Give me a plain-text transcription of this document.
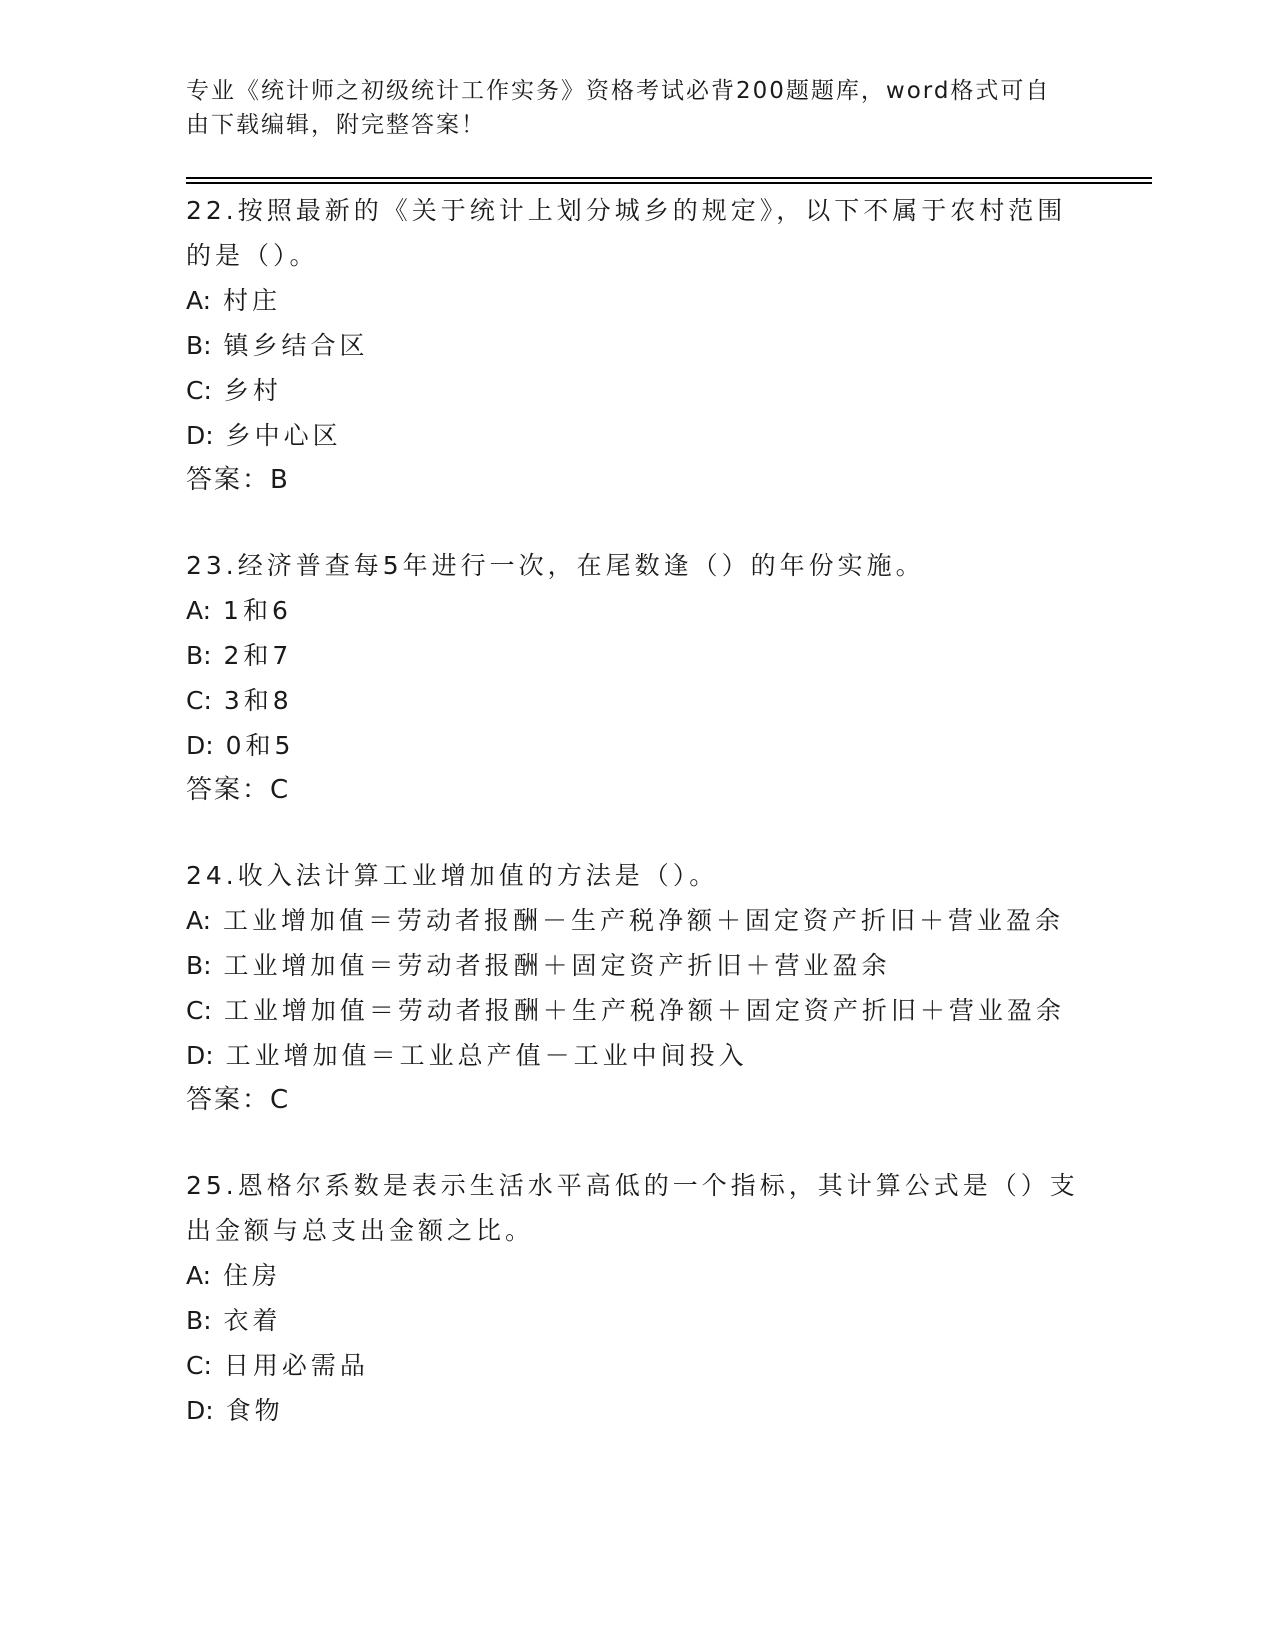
专业《统计师之初级统计工作实务》资格考试必背200题题库，word格式可自由下载编辑，附完整答案！
22.按照最新的《关于统计上划分城乡的规定》，以下不属于农村范围的是（）。
A: 村庄
B: 镇乡结合区
C: 乡村
D: 乡中心区
答案：B
23.经济普查每5年进行一次，在尾数逢（）的年份实施。
A: 1和6
B: 2和7
C: 3和8
D: 0和5
答案：C
24.收入法计算工业增加值的方法是（）。
A: 工业增加值＝劳动者报酬－生产税净额＋固定资产折旧＋营业盈余
B: 工业增加值＝劳动者报酬＋固定资产折旧＋营业盈余
C: 工业增加值＝劳动者报酬＋生产税净额＋固定资产折旧＋营业盈余
D: 工业增加值＝工业总产值－工业中间投入
答案：C
25.恩格尔系数是表示生活水平高低的一个指标，其计算公式是（）支出金额与总支出金额之比。
A: 住房
B: 衣着
C: 日用必需品
D: 食物
